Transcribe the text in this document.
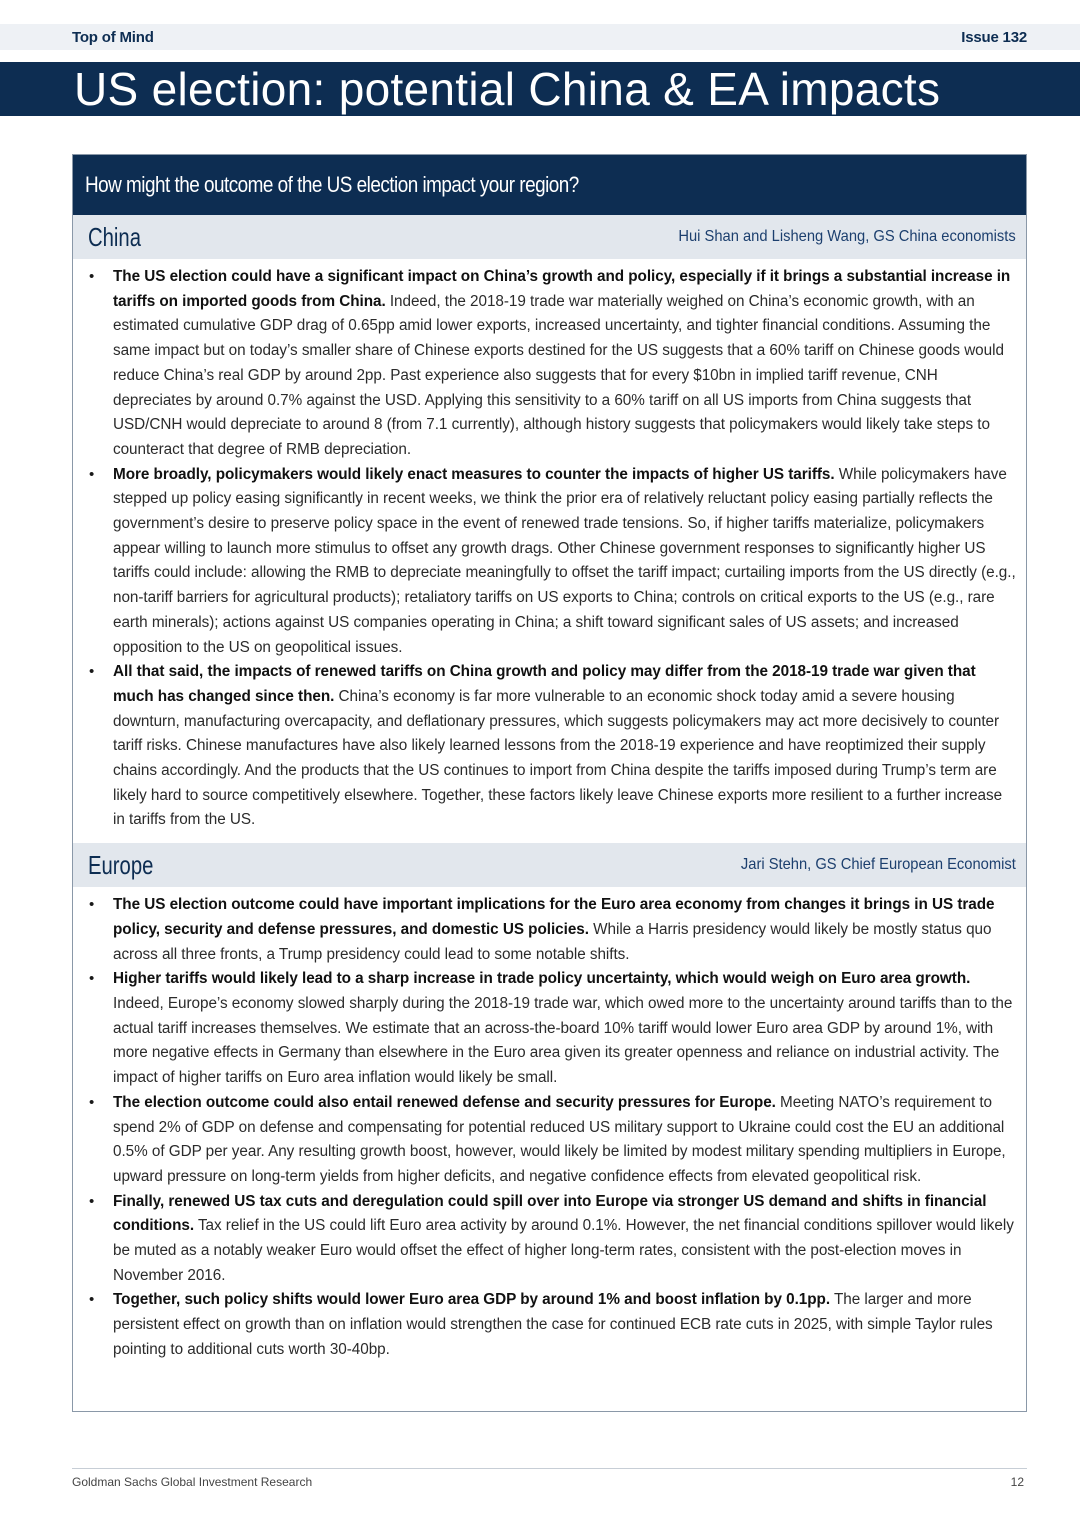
Top of Mind	Issue 132
US election: potential China & EA impacts
How might the outcome of the US election impact your region?
China	Hui Shan and Lisheng Wang, GS China economists
• The US election could have a significant impact on China’s growth and policy, especially if it brings a substantial increase in tariffs on imported goods from China. Indeed, the 2018-19 trade war materially weighed on China’s economic growth, with an estimated cumulative GDP drag of 0.65pp amid lower exports, increased uncertainty, and tighter financial conditions. Assuming the same impact but on today’s smaller share of Chinese exports destined for the US suggests that a 60% tariff on Chinese goods would reduce China’s real GDP by around 2pp. Past experience also suggests that for every $10bn in implied tariff revenue, CNH depreciates by around 0.7% against the USD. Applying this sensitivity to a 60% tariff on all US imports from China suggests that USD/CNH would depreciate to around 8 (from 7.1 currently), although history suggests that policymakers would likely take steps to counteract that degree of RMB depreciation.
• More broadly, policymakers would likely enact measures to counter the impacts of higher US tariffs. While policymakers have stepped up policy easing significantly in recent weeks, we think the prior era of relatively reluctant policy easing partially reflects the government’s desire to preserve policy space in the event of renewed trade tensions. So, if higher tariffs materialize, policymakers appear willing to launch more stimulus to offset any growth drags. Other Chinese government responses to significantly higher US tariffs could include: allowing the RMB to depreciate meaningfully to offset the tariff impact; curtailing imports from the US directly (e.g., non-tariff barriers for agricultural products); retaliatory tariffs on US exports to China; controls on critical exports to the US (e.g., rare earth minerals); actions against US companies operating in China; a shift toward significant sales of US assets; and increased opposition to the US on geopolitical issues.
• All that said, the impacts of renewed tariffs on China growth and policy may differ from the 2018-19 trade war given that much has changed since then. China’s economy is far more vulnerable to an economic shock today amid a severe housing downturn, manufacturing overcapacity, and deflationary pressures, which suggests policymakers may act more decisively to counter tariff risks. Chinese manufactures have also likely learned lessons from the 2018-19 experience and have reoptimized their supply chains accordingly. And the products that the US continues to import from China despite the tariffs imposed during Trump’s term are likely hard to source competitively elsewhere. Together, these factors likely leave Chinese exports more resilient to a further increase in tariffs from the US.
Europe	Jari Stehn, GS Chief European Economist
• The US election outcome could have important implications for the Euro area economy from changes it brings in US trade policy, security and defense pressures, and domestic US policies. While a Harris presidency would likely be mostly status quo across all three fronts, a Trump presidency could lead to some notable shifts.
• Higher tariffs would likely lead to a sharp increase in trade policy uncertainty, which would weigh on Euro area growth. Indeed, Europe’s economy slowed sharply during the 2018-19 trade war, which owed more to the uncertainty around tariffs than to the actual tariff increases themselves. We estimate that an across-the-board 10% tariff would lower Euro area GDP by around 1%, with more negative effects in Germany than elsewhere in the Euro area given its greater openness and reliance on industrial activity. The impact of higher tariffs on Euro area inflation would likely be small.
• The election outcome could also entail renewed defense and security pressures for Europe. Meeting NATO’s requirement to spend 2% of GDP on defense and compensating for potential reduced US military support to Ukraine could cost the EU an additional 0.5% of GDP per year. Any resulting growth boost, however, would likely be limited by modest military spending multipliers in Europe, upward pressure on long-term yields from higher deficits, and negative confidence effects from elevated geopolitical risk.
• Finally, renewed US tax cuts and deregulation could spill over into Europe via stronger US demand and shifts in financial conditions. Tax relief in the US could lift Euro area activity by around 0.1%. However, the net financial conditions spillover would likely be muted as a notably weaker Euro would offset the effect of higher long-term rates, consistent with the post-election moves in November 2016.
• Together, such policy shifts would lower Euro area GDP by around 1% and boost inflation by 0.1pp. The larger and more persistent effect on growth than on inflation would strengthen the case for continued ECB rate cuts in 2025, with simple Taylor rules pointing to additional cuts worth 30-40bp.
Goldman Sachs Global Investment Research	12
